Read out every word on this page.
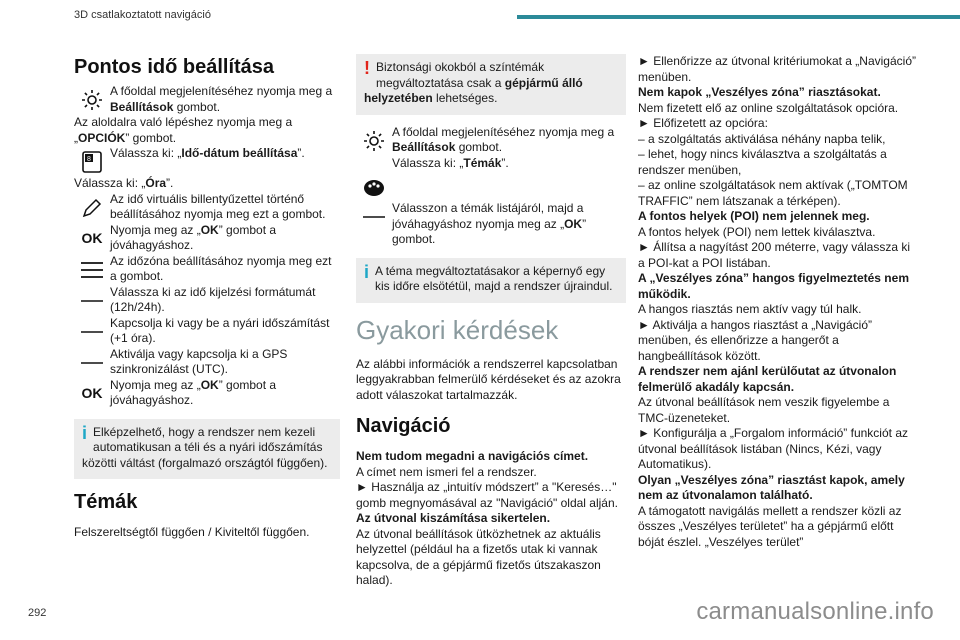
3D csatlakoztatott navigáció
Pontos idő beállítása
A főoldal megjelenítéséhez nyomja meg a Beállítások gombot.

Az aloldalra való lépéshez nyomja meg a „OPCIÓK” gombot.

8 Válassza ki: „Idő-dátum beállítása”.

Válassza ki: „Óra”.

Az idő virtuális billentyűzettel történő beállításához nyomja meg ezt a gombot.
OK
Nyomja meg az „OK” gombot a jóváhagyáshoz.
Az időzóna beállításához nyomja meg ezt a gombot.
Válassza ki az idő kijelzési formátumát (12h/24h).
Kapcsolja ki vagy be a nyári időszámítást (+1 óra).
Aktiválja vagy kapcsolja ki a GPS szinkronizálást (UTC).
OK
Nyomja meg az „OK” gombot a jóváhagyáshoz.
i Elképzelhető, hogy a rendszer nem kezeli automatikusan a téli és a nyári időszámítás közötti váltást (forgalmazó országtól függően).
Témák

Felszereltségtől függően / Kiviteltől függően.

! Biztonsági okokból a színtémák megváltoztatása csak a gépjármű álló helyzetében lehetséges.
A főoldal megjelenítéséhez nyomja meg a Beállítások gombot.
Válassza ki: „Témák”.
Válasszon a témák listájáról, majd a jóváhagyáshoz nyomja meg az „OK” gombot.
i A téma megváltoztatásakor a képernyő egy kis időre elsötétül, majd a rendszer újraindul.
Gyakori kérdések

Az alábbi információk a rendszerrel kapcsolatban leggyakrabban felmerülő kérdéseket és az azokra adott válaszokat tartalmazzák.

Navigáció

Nem tudom megadni a navigációs címet.

A címet nem ismeri fel a rendszer.

► Használja az „intuitív módszert” a "Keresés…" gomb megnyomásával az "Navigáció" oldal alján.

Az útvonal kiszámítása sikertelen.

Az útvonal beállítások ütközhetnek az aktuális helyzettel (például ha a fizetős utak ki vannak kapcsolva, de a gépjármű fizetős útszakaszon halad).

► Ellenőrizze az útvonal kritériumokat a „Navigáció” menüben.

Nem kapok „Veszélyes zóna” riasztásokat.

Nem fizetett elő az online szolgáltatások opcióra.

► Előfizetett az opcióra:

– a szolgáltatás aktiválása néhány napba telik,

– lehet, hogy nincs kiválasztva a szolgáltatás a rendszer menüben,

– az online szolgáltatások nem aktívak („TOMTOM TRAFFIC” nem látszanak a térképen).

A fontos helyek (POI) nem jelennek meg.

A fontos helyek (POI) nem lettek kiválasztva.

► Állítsa a nagyítást 200 méterre, vagy válassza ki a POI-kat a POI listában.

A „Veszélyes zóna” hangos figyelmeztetés nem működik.

A hangos riasztás nem aktív vagy túl halk.

► Aktiválja a hangos riasztást a „Navigáció” menüben, és ellenőrizze a hangerőt a hangbeállítások között.

A rendszer nem ajánl kerülőutat az útvonalon felmerülő akadály kapcsán.

Az útvonal beállítások nem veszik figyelembe a TMC-üzeneteket.

► Konfigurálja a „Forgalom információ” funkciót az útvonal beállítások listában (Nincs, Kézi, vagy Automatikus).

Olyan „Veszélyes zóna” riasztást kapok, amely nem az útvonalamon található.

A támogatott navigálás mellett a rendszer közli az összes „Veszélyes területet” ha a gépjármű előtt bóját észlel. „Veszélyes terület”

292	carmanualsonline.info
